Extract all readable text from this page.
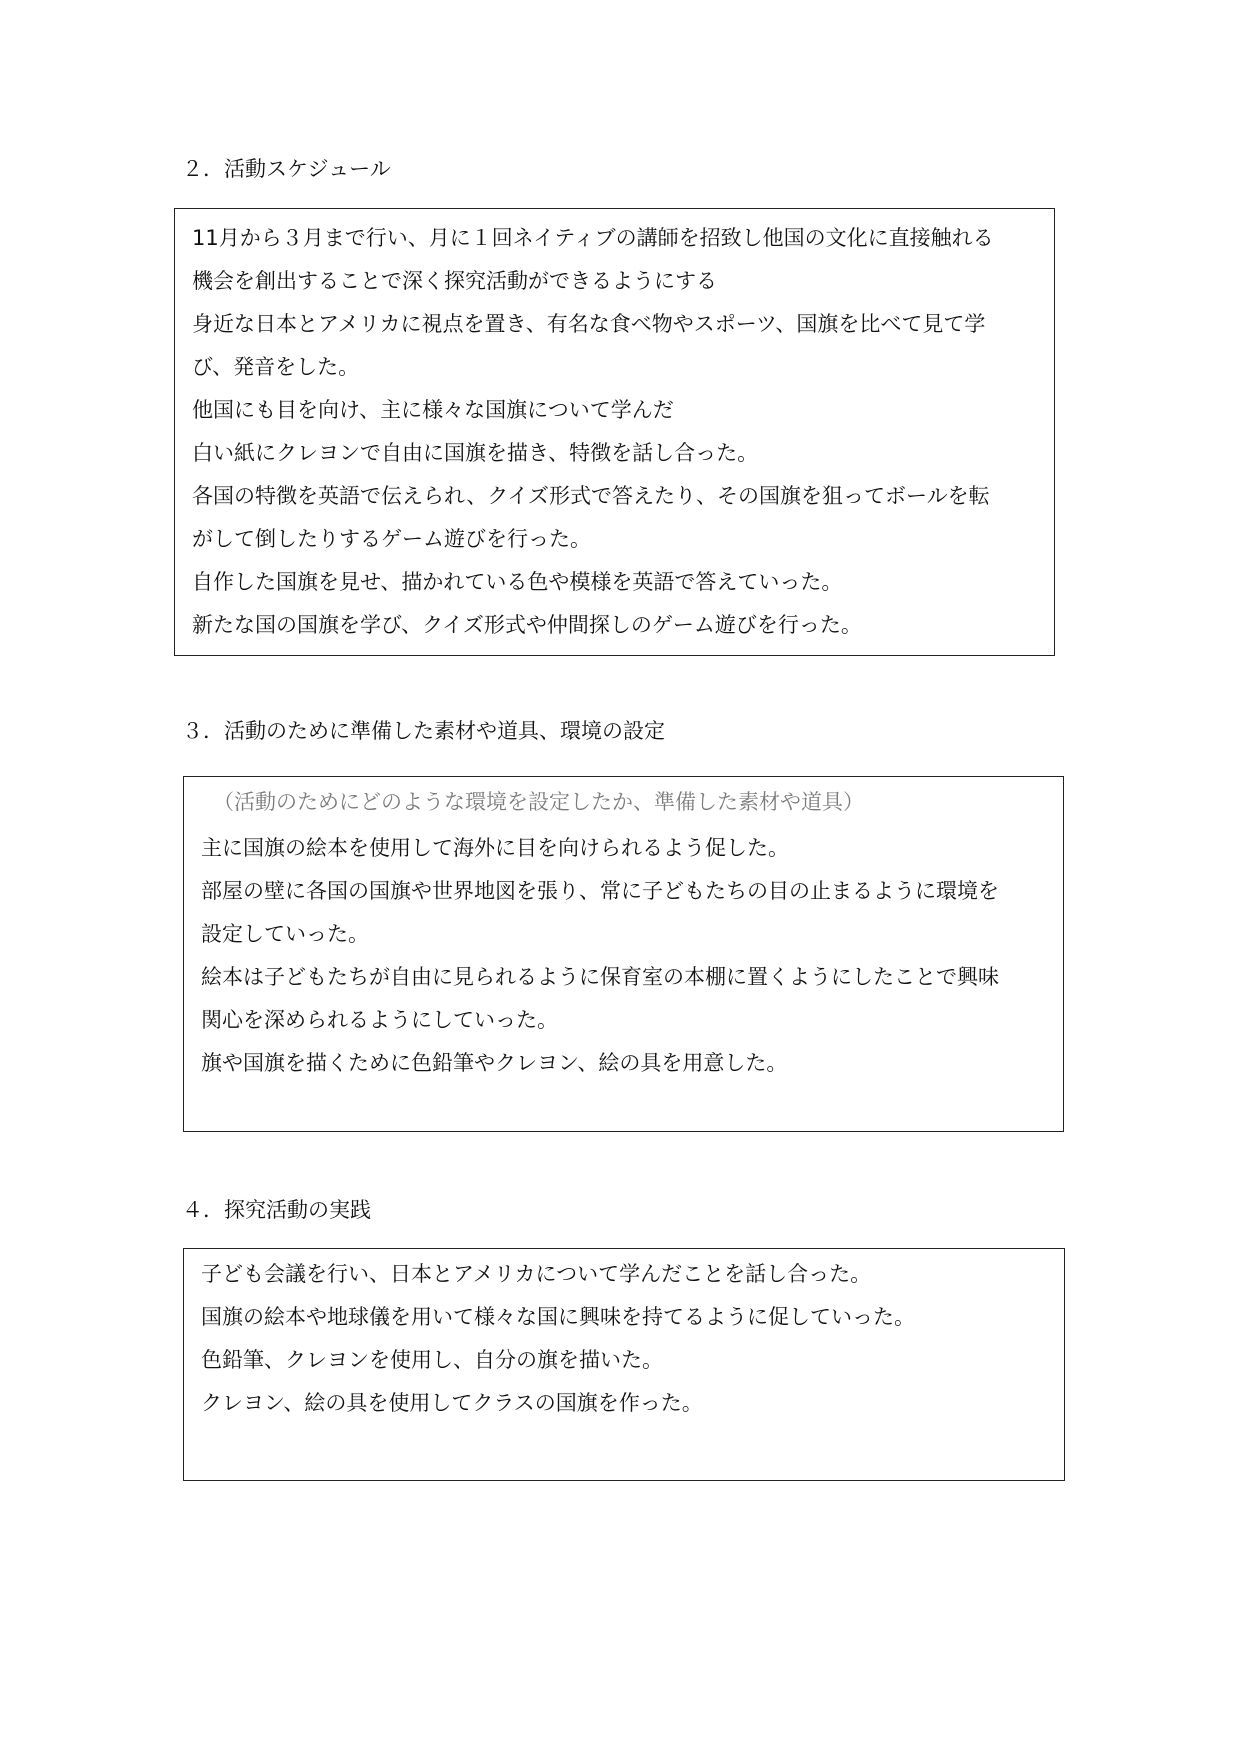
２．活動スケジュール
11月から３月まで行い、月に１回ネイティブの講師を招致し他国の文化に直接触れる
機会を創出することで深く探究活動ができるようにする
身近な日本とアメリカに視点を置き、有名な食べ物やスポーツ、国旗を比べて見て学
び、発音をした。
他国にも目を向け、主に様々な国旗について学んだ
白い紙にクレヨンで自由に国旗を描き、特徴を話し合った。
各国の特徴を英語で伝えられ、クイズ形式で答えたり、その国旗を狙ってボールを転
がして倒したりするゲーム遊びを行った。
自作した国旗を見せ、描かれている色や模様を英語で答えていった。
新たな国の国旗を学び、クイズ形式や仲間探しのゲーム遊びを行った。
３．活動のために準備した素材や道具、環境の設定
（活動のためにどのような環境を設定したか、準備した素材や道具）
主に国旗の絵本を使用して海外に目を向けられるよう促した。
部屋の壁に各国の国旗や世界地図を張り、常に子どもたちの目の止まるように環境を
設定していった。
絵本は子どもたちが自由に見られるように保育室の本棚に置くようにしたことで興味
関心を深められるようにしていった。
旗や国旗を描くために色鉛筆やクレヨン、絵の具を用意した。
４．探究活動の実践
子ども会議を行い、日本とアメリカについて学んだことを話し合った。
国旗の絵本や地球儀を用いて様々な国に興味を持てるように促していった。
色鉛筆、クレヨンを使用し、自分の旗を描いた。
クレヨン、絵の具を使用してクラスの国旗を作った。
